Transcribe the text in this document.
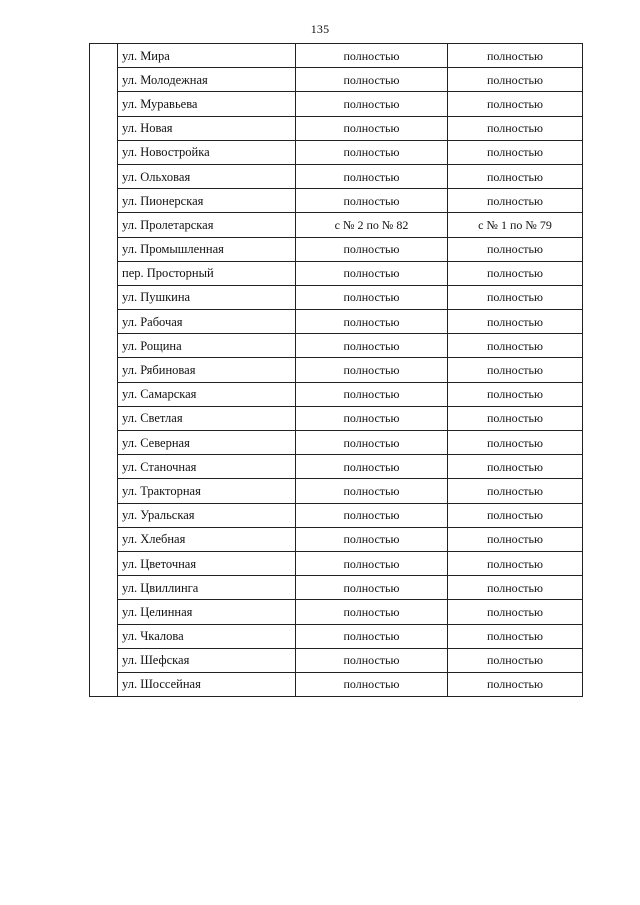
135
	ул. Мира	полностью	полностью
	ул. Молодежная	полностью	полностью
	ул. Муравьева	полностью	полностью
	ул. Новая	полностью	полностью
	ул. Новостройка	полностью	полностью
	ул. Ольховая	полностью	полностью
	ул. Пионерская	полностью	полностью
	ул. Пролетарская	с № 2 по № 82	с № 1 по № 79
	ул. Промышленная	полностью	полностью
	пер. Просторный	полностью	полностью
	ул. Пушкина	полностью	полностью
	ул. Рабочая	полностью	полностью
	ул. Рощина	полностью	полностью
	ул. Рябиновая	полностью	полностью
	ул. Самарская	полностью	полностью
	ул. Светлая	полностью	полностью
	ул. Северная	полностью	полностью
	ул. Станочная	полностью	полностью
	ул. Тракторная	полностью	полностью
	ул. Уральская	полностью	полностью
	ул. Хлебная	полностью	полностью
	ул. Цветочная	полностью	полностью
	ул. Цвиллинга	полностью	полностью
	ул. Целинная	полностью	полностью
	ул. Чкалова	полностью	полностью
	ул. Шефская	полностью	полностью
	ул. Шоссейная	полностью	полностью
